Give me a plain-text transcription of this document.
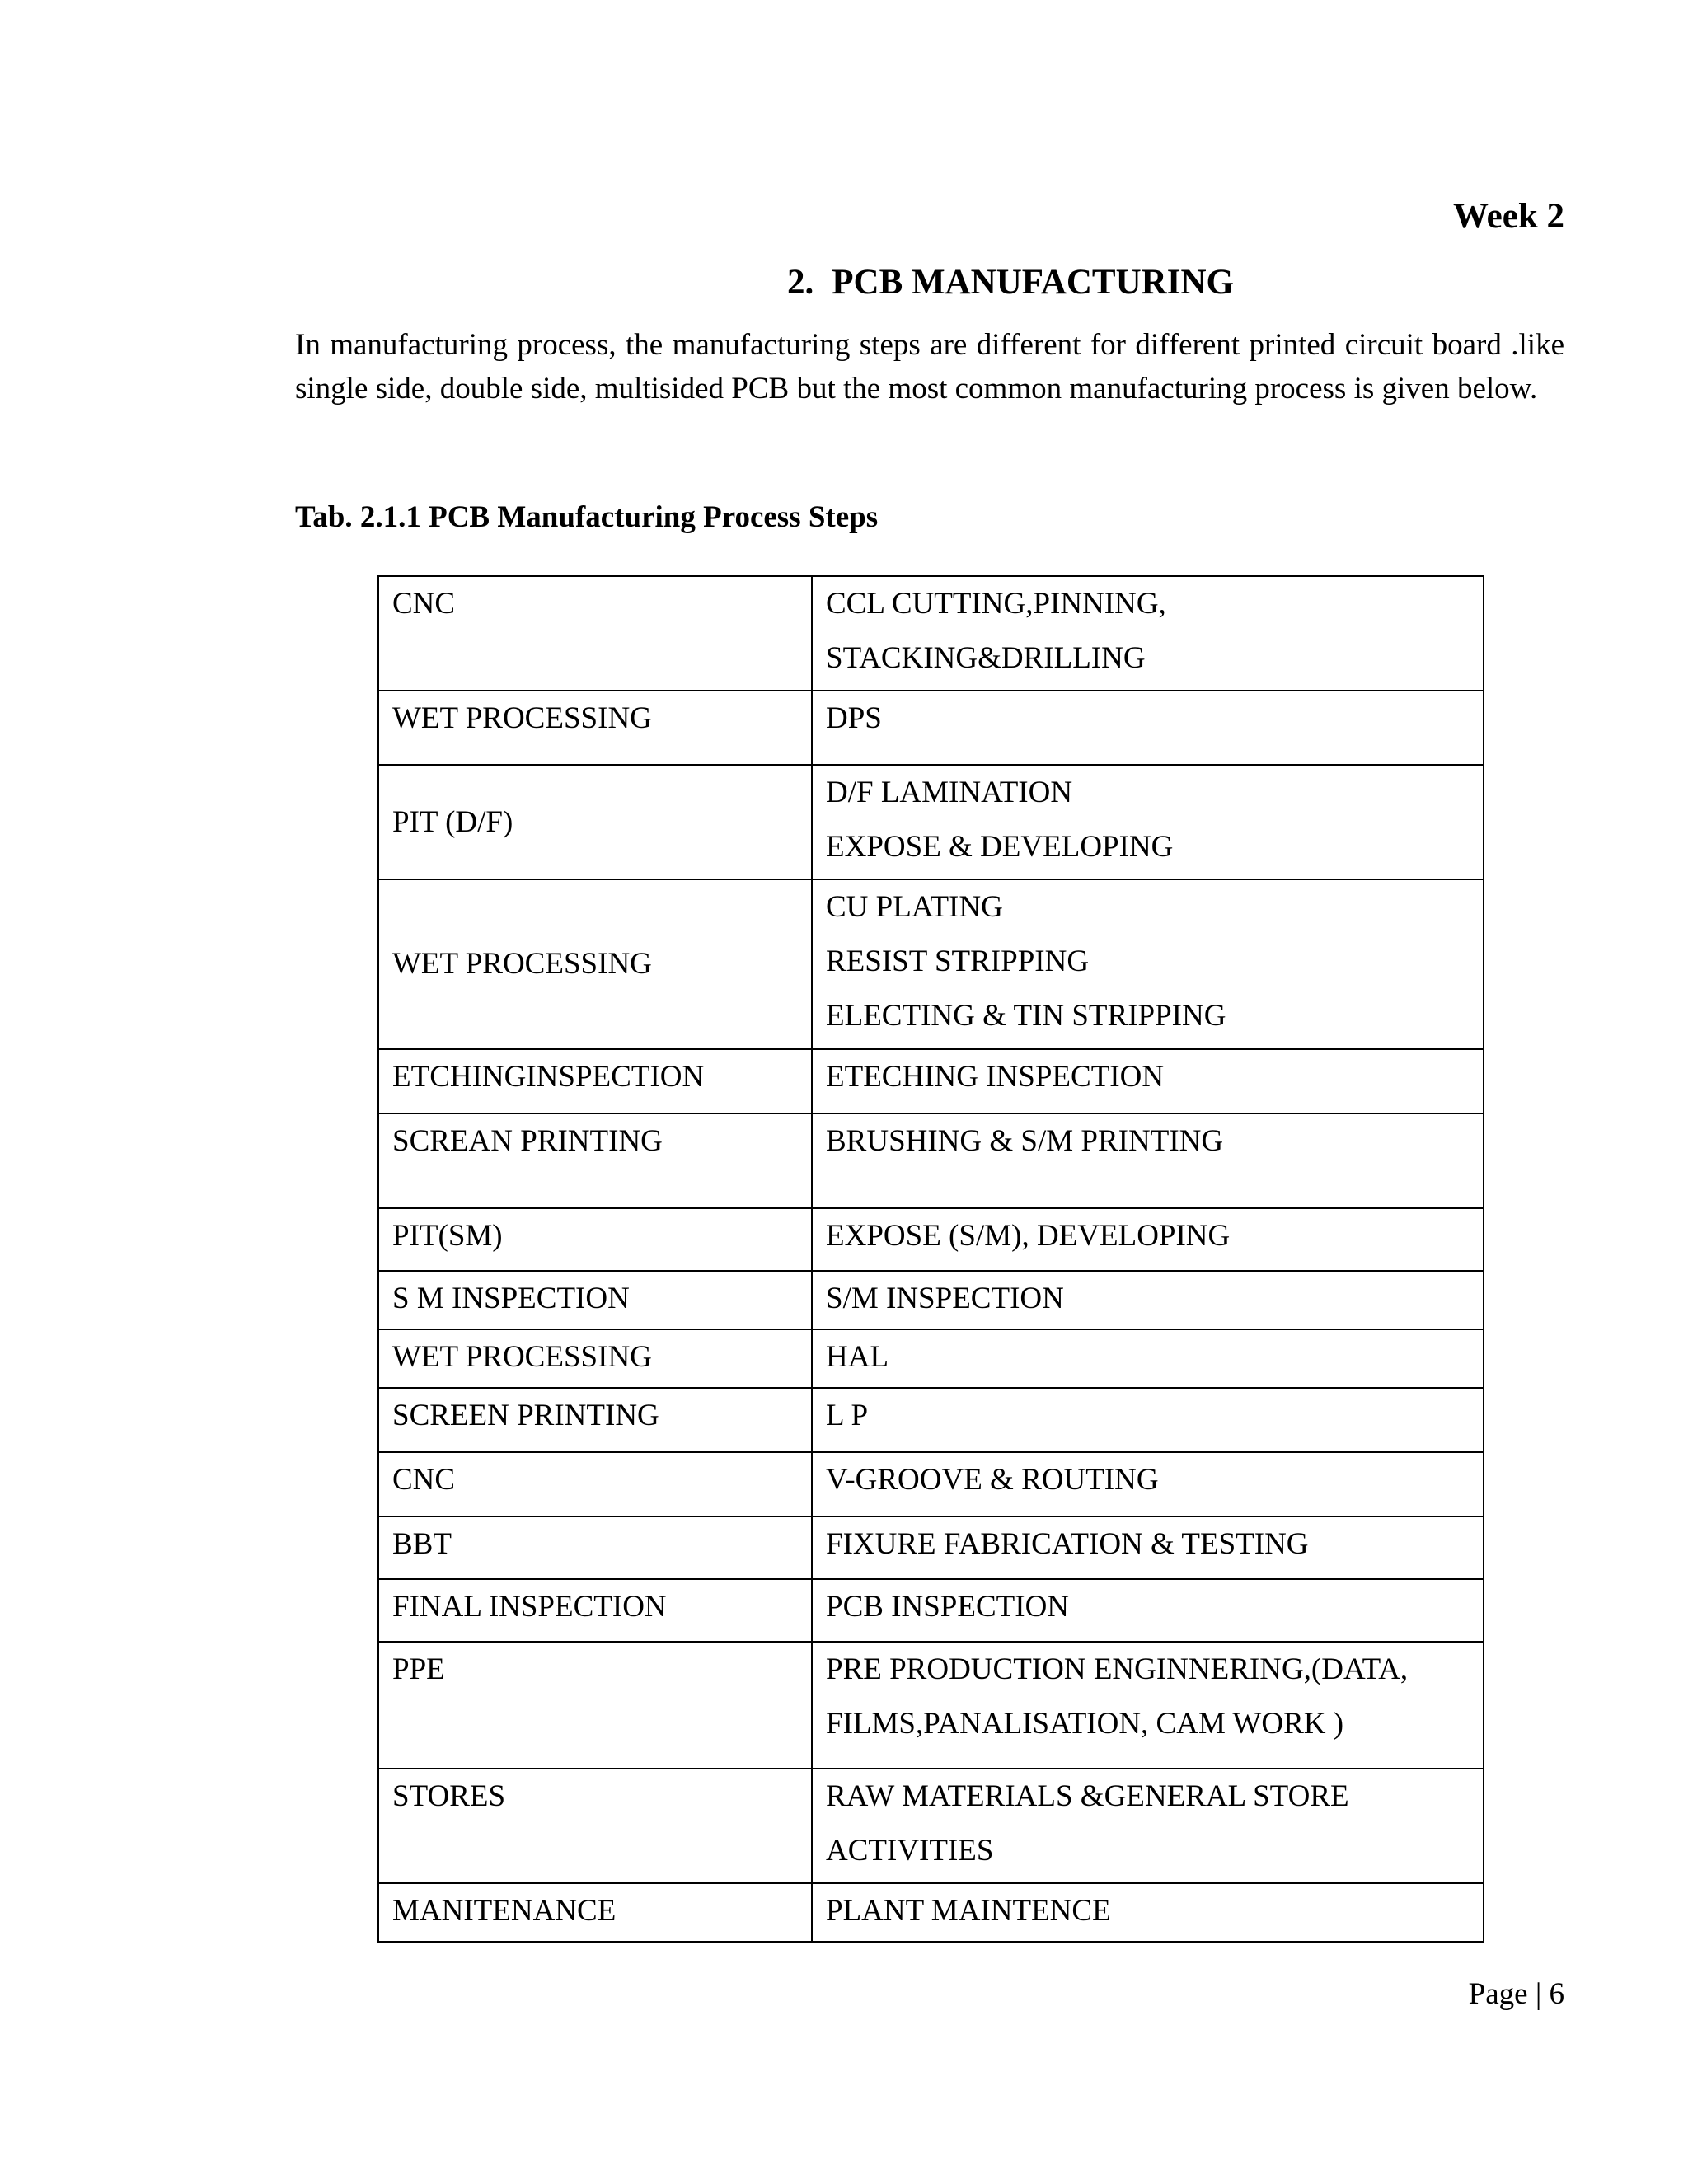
Week 2
2. PCB MANUFACTURING

In manufacturing process, the manufacturing steps are different for different printed circuit board .like single side, double side, multisided PCB but the most common manufacturing process is given below.

Tab. 2.1.1 PCB Manufacturing Process Steps

CNC	CCL CUTTING,PINNING,
STACKING&DRILLING

WET PROCESSING	DPS

PIT (D/F)	D/F LAMINATION
EXPOSE & DEVELOPING

WET PROCESSING	CU PLATING
RESIST STRIPPING
ELECTING & TIN STRIPPING

ETCHINGINSPECTION	ETECHING INSPECTION

SCREAN PRINTING	BRUSHING & S/M PRINTING

PIT(SM)	EXPOSE (S/M), DEVELOPING

S M INSPECTION	S/M INSPECTION

WET PROCESSING	HAL

SCREEN PRINTING	L P

CNC	V-GROOVE & ROUTING

BBT	FIXURE FABRICATION & TESTING

FINAL INSPECTION	PCB INSPECTION

PPE	PRE PRODUCTION ENGINNERING,(DATA,
FILMS,PANALISATION, CAM WORK )

STORES	RAW MATERIALS &GENERAL STORE
ACTIVITIES

MANITENANCE	PLANT MAINTENCE

Page | 6
